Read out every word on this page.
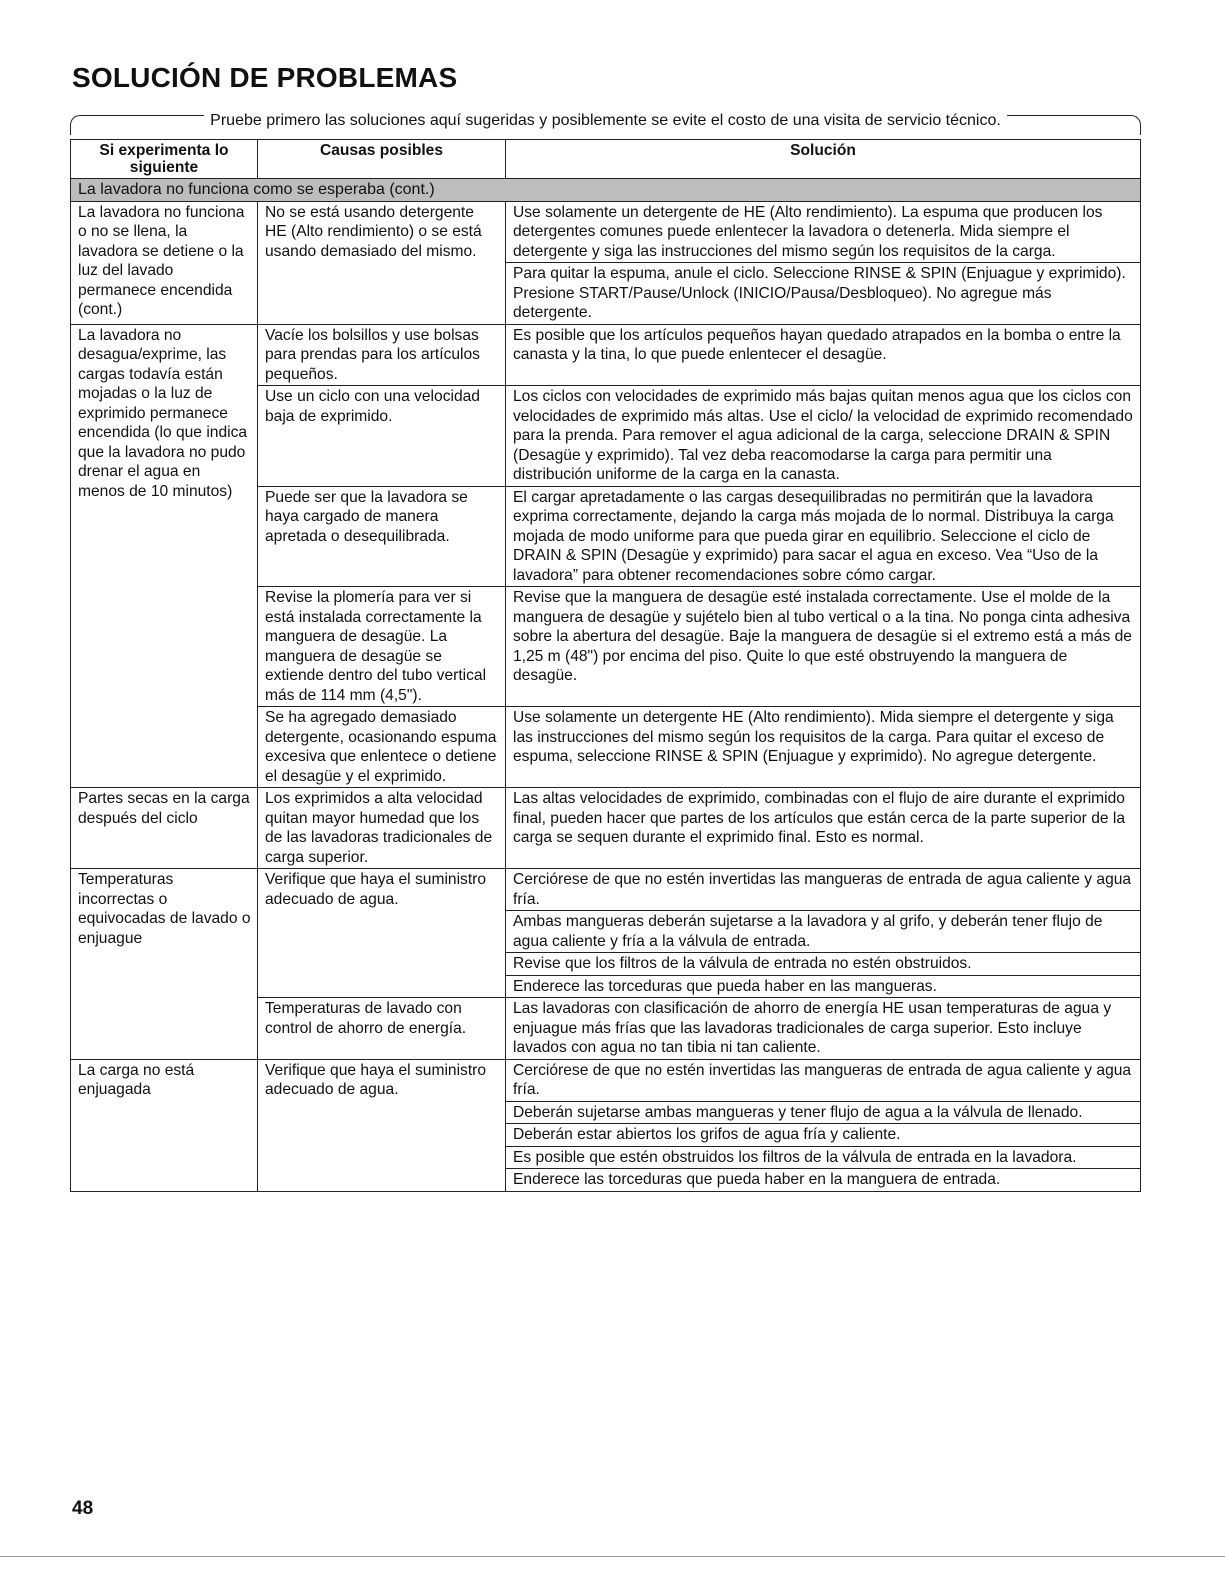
SOLUCIÓN DE PROBLEMAS
Pruebe primero las soluciones aquí sugeridas y posiblemente se evite el costo de una visita de servicio técnico.
Si experimenta lo siguiente	Causas posibles	Solución
La lavadora no funciona como se esperaba (cont.)		
La lavadora no funciona o no se llena, la lavadora se detiene o la luz del lavado permanece encendida (cont.)	No se está usando detergente HE (Alto rendimiento) o se está usando demasiado del mismo.	Use solamente un detergente de HE (Alto rendimiento). La espuma que producen los detergentes comunes puede enlentecer la lavadora o detenerla. Mida siempre el detergente y siga las instrucciones del mismo según los requisitos de la carga.
		Para quitar la espuma, anule el ciclo. Seleccione RINSE & SPIN (Enjuague y exprimido). Presione START/Pause/Unlock (INICIO/Pausa/Desbloqueo). No agregue más detergente.
La lavadora no desagua/exprime, las cargas todavía están mojadas o la luz de exprimido permanece encendida (lo que indica que la lavadora no pudo drenar el agua en menos de 10 minutos)	Vacíe los bolsillos y use bolsas para prendas para los artículos pequeños.	Es posible que los artículos pequeños hayan quedado atrapados en la bomba o entre la canasta y la tina, lo que puede enlentecer el desagüe.
	Use un ciclo con una velocidad baja de exprimido.	Los ciclos con velocidades de exprimido más bajas quitan menos agua que los ciclos con velocidades de exprimido más altas. Use el ciclo/ la velocidad de exprimido recomendado para la prenda. Para remover el agua adicional de la carga, seleccione DRAIN & SPIN (Desagüe y exprimido). Tal vez deba reacomodarse la carga para permitir una distribución uniforme de la carga en la canasta.
	Puede ser que la lavadora se haya cargado de manera apretada o desequilibrada.	El cargar apretadamente o las cargas desequilibradas no permitirán que la lavadora exprima correctamente, dejando la carga más mojada de lo normal. Distribuya la carga mojada de modo uniforme para que pueda girar en equilibrio. Seleccione el ciclo de DRAIN & SPIN (Desagüe y exprimido) para sacar el agua en exceso. Vea “Uso de la lavadora” para obtener recomendaciones sobre cómo cargar.
	Revise la plomería para ver si está instalada correctamente la manguera de desagüe. La manguera de desagüe se extiende dentro del tubo vertical más de 114 mm (4,5").	Revise que la manguera de desagüe esté instalada correctamente. Use el molde de la manguera de desagüe y sujételo bien al tubo vertical o a la tina. No ponga cinta adhesiva sobre la abertura del desagüe. Baje la manguera de desagüe si el extremo está a más de 1,25 m (48") por encima del piso. Quite lo que esté obstruyendo la manguera de desagüe.
	Se ha agregado demasiado detergente, ocasionando espuma excesiva que enlentece o detiene el desagüe y el exprimido.	Use solamente un detergente HE (Alto rendimiento). Mida siempre el detergente y siga las instrucciones del mismo según los requisitos de la carga. Para quitar el exceso de espuma, seleccione RINSE & SPIN (Enjuague y exprimido). No agregue detergente.
Partes secas en la carga después del ciclo	Los exprimidos a alta velocidad quitan mayor humedad que los de las lavadoras tradicionales de carga superior.	Las altas velocidades de exprimido, combinadas con el flujo de aire durante el exprimido final, pueden hacer que partes de los artículos que están cerca de la parte superior de la carga se sequen durante el exprimido final. Esto es normal.
Temperaturas incorrectas o equivocadas de lavado o enjuague	Verifique que haya el suministro adecuado de agua.	Cerciórese de que no estén invertidas las mangueras de entrada de agua caliente y agua fría.
		Ambas mangueras deberán sujetarse a la lavadora y al grifo, y deberán tener flujo de agua caliente y fría a la válvula de entrada.
		Revise que los filtros de la válvula de entrada no estén obstruidos.
		Enderece las torceduras que pueda haber en las mangueras.
	Temperaturas de lavado con control de ahorro de energía.	Las lavadoras con clasificación de ahorro de energía HE usan temperaturas de agua y enjuague más frías que las lavadoras tradicionales de carga superior. Esto incluye lavados con agua no tan tibia ni tan caliente.
La carga no está enjuagada	Verifique que haya el suministro adecuado de agua.	Cerciórese de que no estén invertidas las mangueras de entrada de agua caliente y agua fría.
		Deberán sujetarse ambas mangueras y tener flujo de agua a la válvula de llenado.
		Deberán estar abiertos los grifos de agua fría y caliente.
		Es posible que estén obstruidos los filtros de la válvula de entrada en la lavadora.
		Enderece las torceduras que pueda haber en la manguera de entrada.

48
